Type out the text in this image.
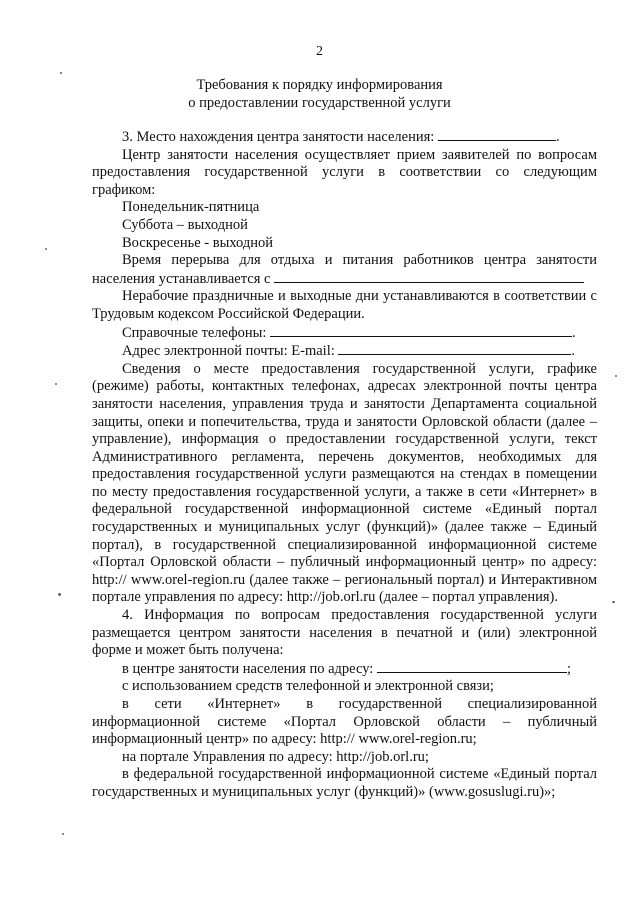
2
Требования к порядку информирования
о предоставлении государственной услуги

3. Место нахождения центра занятости населения:	.

Центр занятости населения осуществляет прием заявителей по вопросам предоставления государственной услуги в соответствии со следующим графиком:

Понедельник-пятница

Суббота – выходной

Воскресенье - выходной

Время перерыва для отдыха и питания работников центра занятости населения устанавливается с

Нерабочие праздничные и выходные дни устанавливаются в соответствии с Трудовым кодексом Российской Федерации.

Справочные телефоны:	.

Адрес электронной почты: E-mail:	.

Сведения о месте предоставления государственной услуги, графике (режиме) работы, контактных телефонах, адресах электронной почты центра занятости населения, управления труда и занятости Департамента социальной защиты, опеки и попечительства, труда и занятости Орловской области (далее – управление), информация о предоставлении государственной услуги, текст Административного регламента, перечень документов, необходимых для предоставления государственной услуги размещаются на стендах в помещении по месту предоставления государственной услуги, а также в сети «Интернет» в федеральной государственной информационной системе «Единый портал государственных и муниципальных услуг (функций)» (далее также – Единый портал), в государственной специализированной информационной системе «Портал Орловской области – публичный информационный центр» по адресу: http:// www.orel-region.ru (далее также – региональный портал) и Интерактивном портале управления по адресу: http://job.orl.ru (далее – портал управления).

4. Информация по вопросам предоставления государственной услуги размещается центром занятости населения в печатной и (или) электронной форме и может быть получена:

в центре занятости населения по адресу:	;

с использованием средств телефонной и электронной связи;

в сети «Интернет» в государственной специализированной информационной системе «Портал Орловской области – публичный информационный центр» по адресу: http:// www.orel-region.ru;

на портале Управления по адресу: http://job.orl.ru;

в федеральной государственной информационной системе «Единый портал государственных и муниципальных услуг (функций)» (www.gosuslugi.ru)»;
